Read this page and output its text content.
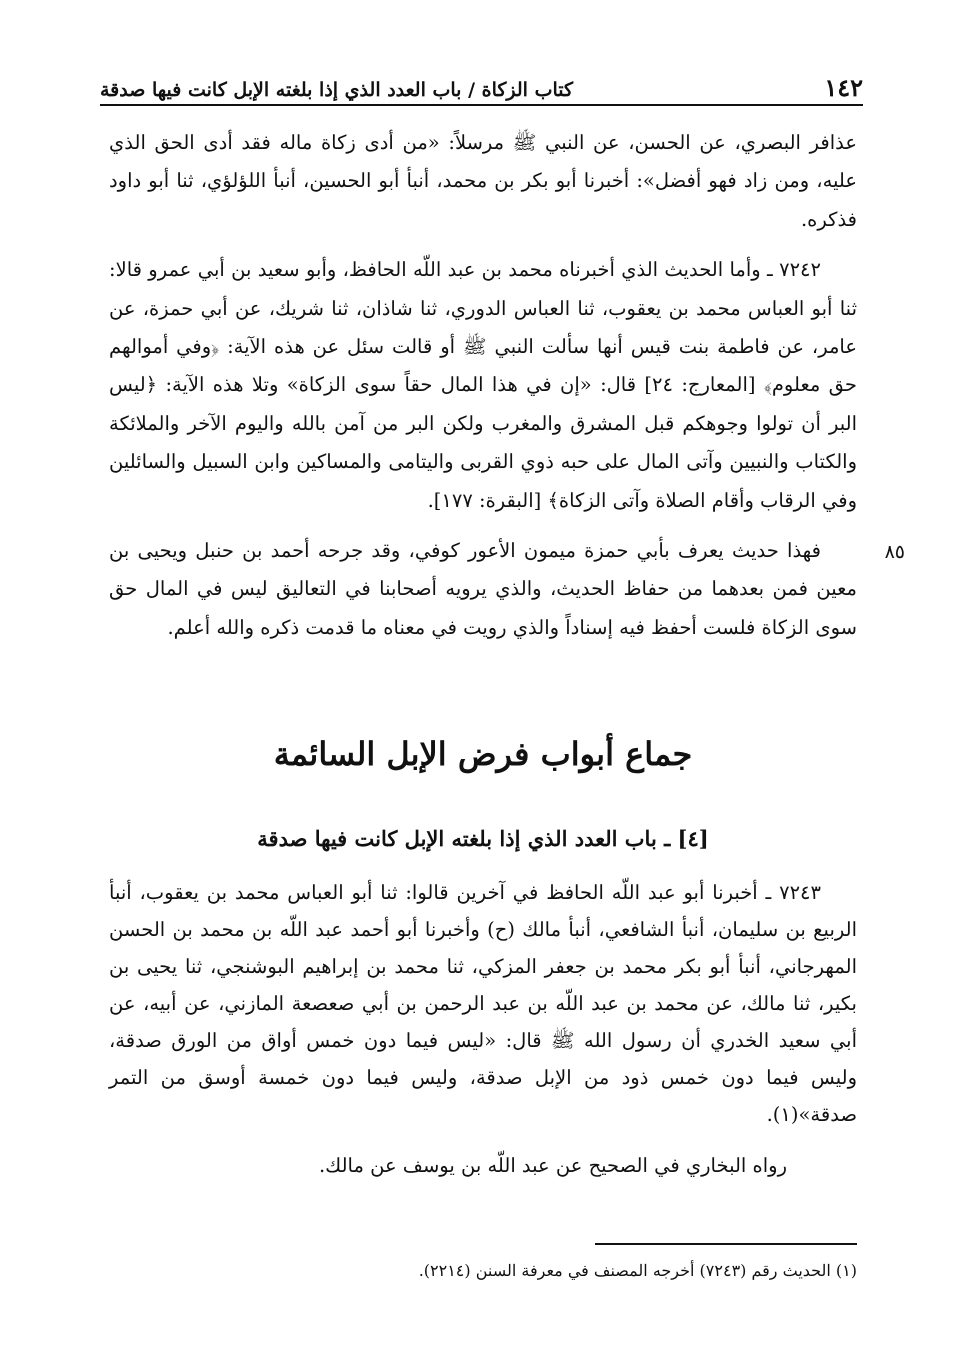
١٤٢
كتاب الزكاة / باب العدد الذي إذا بلغته الإبل كانت فيها صدقة

عذافر البصري، عن الحسن، عن النبي ﷺ مرسلاً: «من أدى زكاة ماله فقد أدى الحق الذي عليه، ومن زاد فهو أفضل»: أخبرنا أبو بكر بن محمد، أنبأ أبو الحسين، أنبأ اللؤلؤي، ثنا أبو داود فذكره.

٧٢٤٢ ـ وأما الحديث الذي أخبرناه محمد بن عبد اللّه الحافظ، وأبو سعيد بن أبي عمرو قالا: ثنا أبو العباس محمد بن يعقوب، ثنا العباس الدوري، ثنا شاذان، ثنا شريك، عن أبي حمزة، عن عامر، عن فاطمة بنت قيس أنها سألت النبي ﷺ أو قالت سئل عن هذه الآية: ﴿وفي أموالهم حق معلوم﴾ [المعارج: ٢٤] قال: «إن في هذا المال حقاً سوى الزكاة» وتلا هذه الآية: ﴿ليس البر أن تولوا وجوهكم قبل المشرق والمغرب ولكن البر من آمن بالله واليوم الآخر والملائكة والكتاب والنبيين وآتى المال على حبه ذوي القربى واليتامى والمساكين وابن السبيل والسائلين وفي الرقاب وأقام الصلاة وآتى الزكاة﴾ [البقرة: ١٧٧].

فهذا حديث يعرف بأبي حمزة ميمون الأعور كوفي، وقد جرحه أحمد بن حنبل ويحيى بن معين فمن بعدهما من حفاظ الحديث، والذي يرويه أصحابنا في التعاليق ليس في المال حق سوى الزكاة فلست أحفظ فيه إسناداً والذي رويت في معناه ما قدمت ذكره والله أعلم.

٨٥
جماع أبواب فرض الإبل السائمة
[٤] ـ باب العدد الذي إذا بلغته الإبل كانت فيها صدقة

٧٢٤٣ ـ أخبرنا أبو عبد اللّه الحافظ في آخرين قالوا: ثنا أبو العباس محمد بن يعقوب، أنبأ الربيع بن سليمان، أنبأ الشافعي، أنبأ مالك (ح) وأخبرنا أبو أحمد عبد اللّه بن محمد بن الحسن المهرجاني، أنبأ أبو بكر محمد بن جعفر المزكي، ثنا محمد بن إبراهيم البوشنجي، ثنا يحيى بن بكير، ثنا مالك، عن محمد بن عبد اللّه بن عبد الرحمن بن أبي صعصعة المازني، عن أبيه، عن أبي سعيد الخدري أن رسول الله ﷺ قال: «ليس فيما دون خمس أواق من الورق صدقة، وليس فيما دون خمس ذود من الإبل صدقة، وليس فيما دون خمسة أوسق من التمر صدقة»(١).

رواه البخاري في الصحيح عن عبد اللّه بن يوسف عن مالك.

(١) الحديث رقم (٧٢٤٣) أخرجه المصنف في معرفة السنن (٢٢١٤).
